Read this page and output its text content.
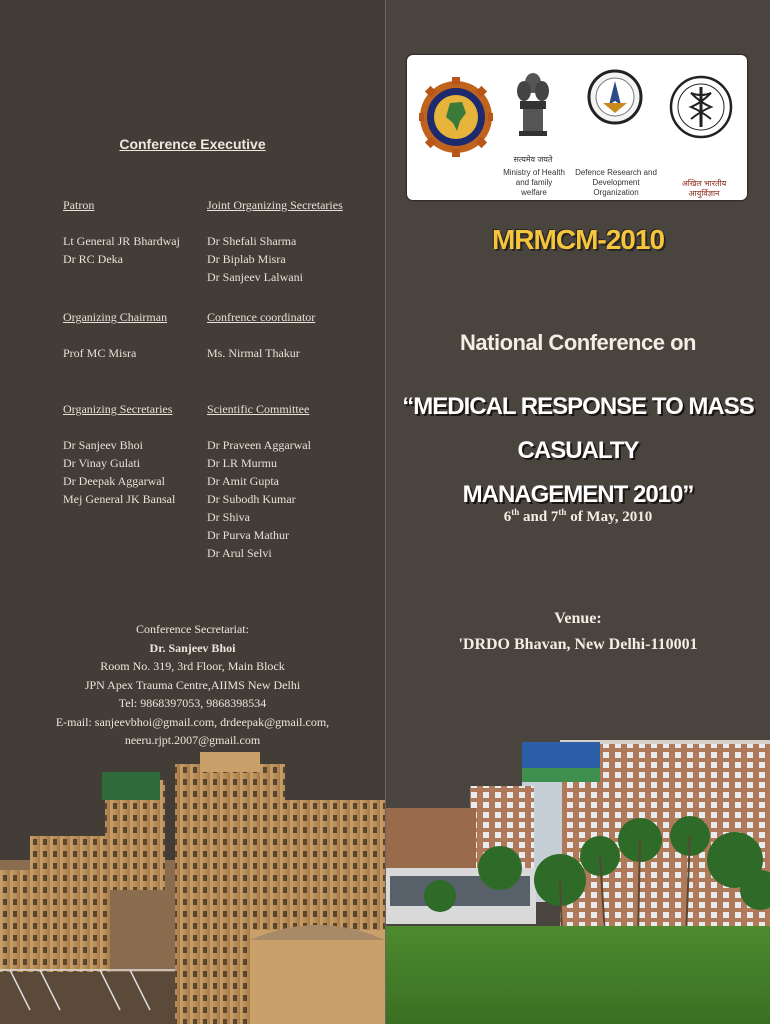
Conference Executive
Patron
Lt General JR Bhardwaj
Dr RC Deka
Joint Organizing Secretaries
Dr Shefali Sharma
Dr Biplab Misra
Dr Sanjeev Lalwani
Organizing Chairman
Prof MC Misra
Confrence coordinator
Ms. Nirmal Thakur
Organizing Secretaries
Dr Sanjeev Bhoi
Dr Vinay Gulati
Dr Deepak Aggarwal
Mej General JK Bansal
Scientific Committee
Dr Praveen Aggarwal
Dr LR Murmu
Dr Amit Gupta
Dr Subodh Kumar
Dr Shiva
Dr Purva Mathur
Dr Arul Selvi
Conference Secretariat:
Dr. Sanjeev Bhoi
Room No. 319, 3rd Floor, Main Block
JPN Apex Trauma Centre,AIIMS New Delhi
Tel: 9868397053, 9868398534
E-mail: sanjeevbhoi@gmail.com, drdeepak@gmail.com,
neeru.rjpt.2007@gmail.com
सत्यमेव जयते
Ministry of Health
and family welfare
Defence Research and
Development Organization
अखिल भारतीय आयुर्विज्ञान
MRMCM-2010
National Conference on
“MEDICAL RESPONSE TO MASS CASUALTY
MANAGEMENT 2010”
6th and 7th of May, 2010
Venue:
'DRDO Bhavan, New Delhi-110001
